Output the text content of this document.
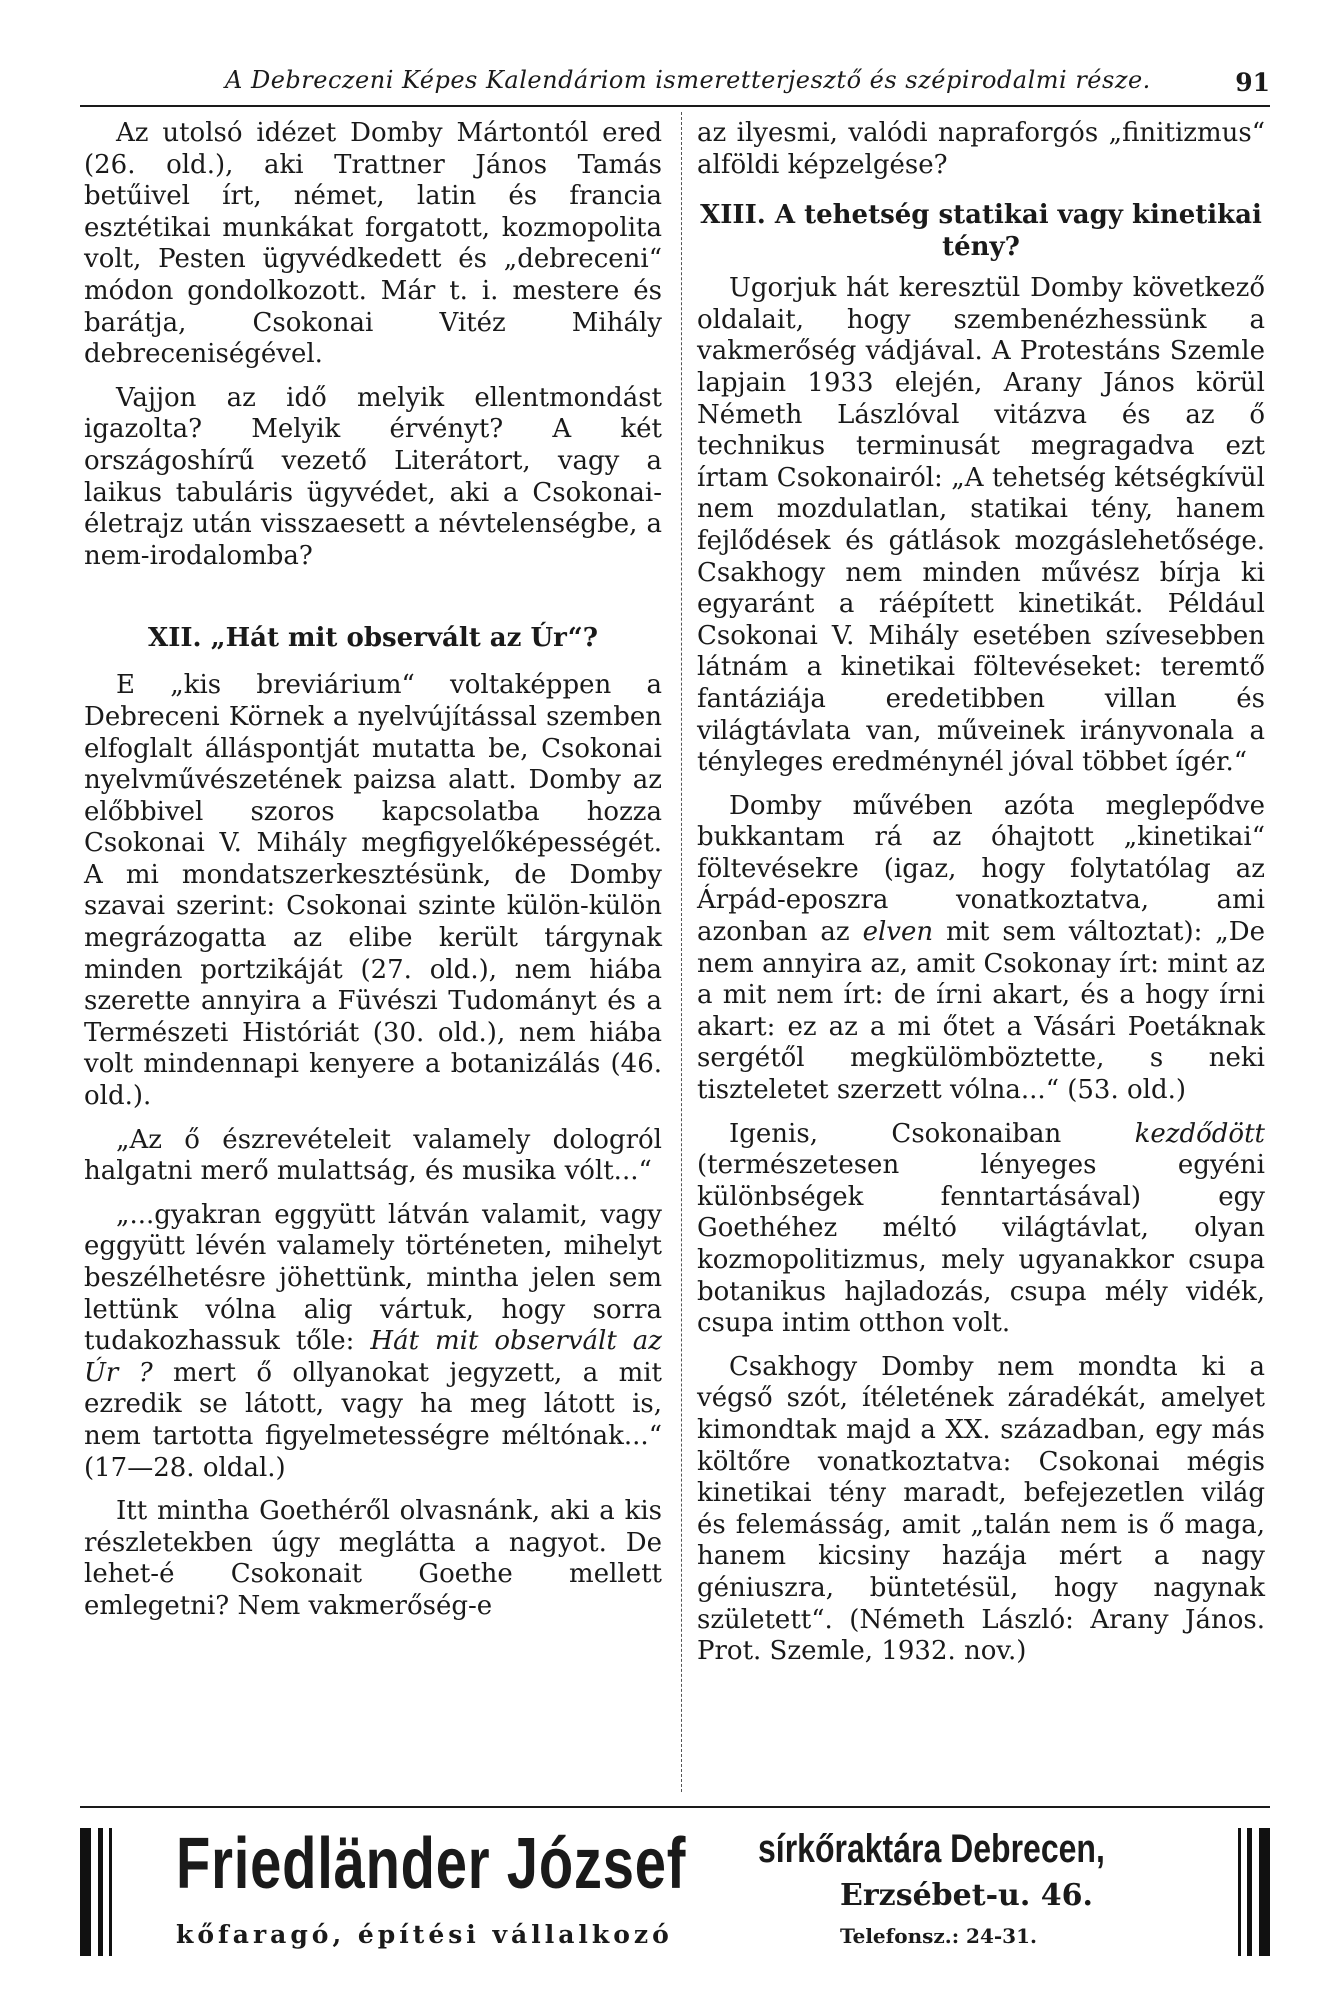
A Debreczeni Képes Kalendáriom ismeretterjesztő és szépirodalmi része.	91

Az utolsó idézet Domby Mártontól ered (26. old.), aki Trattner János Tamás betűivel írt, német, latin és francia esztétikai munkákat forgatott, kozmopolita volt, Pesten ügyvédkedett és „debreceni“ módon gondolkozott. Már t. i. mestere és barátja, Csokonai Vitéz Mihály debreceniségével.

Vajjon az idő melyik ellentmondást igazolta? Melyik érvényt? A két országoshírű vezető Literátort, vagy a laikus tabuláris ügyvédet, aki a Csokonai-életrajz után visszaesett a névtelenségbe, a nem-irodalomba?

XII. „Hát mit observált az Úr“?

E „kis breviárium“ voltaképpen a Debreceni Körnek a nyelvújítással szemben elfoglalt álláspontját mutatta be, Csokonai nyelvművészetének paizsa alatt. Domby az előbbivel szoros kapcsolatba hozza Csokonai V. Mihály megfigyelőképességét. A mi mondatszerkesztésünk, de Domby szavai szerint: Csokonai szinte külön-külön megrázogatta az elibe került tárgynak minden portzikáját (27. old.), nem hiába szerette annyira a Füvészi Tudományt és a Természeti Históriát (30. old.), nem hiába volt mindennapi kenyere a botanizálás (46. old.).

„Az ő észrevételeit valamely dologról halgatni merő mulattság, és musika vólt...“

„...gyakran eggyütt látván valamit, vagy eggyütt lévén valamely történeten, mihelyt beszélhetésre jöhettünk, mintha jelen sem lettünk vólna alig vártuk, hogy sorra tudakozhassuk tőle: Hát mit observált az Úr ? mert ő ollyanokat jegyzett, a mit ezredik se látott, vagy ha meg látott is, nem tartotta figyelmetességre méltónak...“ (17—28. oldal.)

Itt mintha Goethéről olvasnánk, aki a kis részletekben úgy meglátta a nagyot. De lehet-é Csokonait Goethe mellett emlegetni? Nem vakmerőség-e

az ilyesmi, valódi napraforgós „finitizmus“ alföldi képzelgése?

XIII. A tehetség statikai vagy kinetikai tény?

Ugorjuk hát keresztül Domby következő oldalait, hogy szembenézhessünk a vakmerőség vádjával. A Protestáns Szemle lapjain 1933 elején, Arany János körül Németh Lászlóval vitázva és az ő technikus terminusát megragadva ezt írtam Csokonairól: „A tehetség kétségkívül nem mozdulatlan, statikai tény, hanem fejlődések és gátlások mozgáslehetősége. Csakhogy nem minden művész bírja ki egyaránt a ráépített kinetikát. Például Csokonai V. Mihály esetében szívesebben látnám a kinetikai föltevéseket: teremtő fantáziája eredetibben villan és világtávlata van, műveinek irányvonala a tényleges eredménynél jóval többet ígér.“

Domby művében azóta meglepődve bukkantam rá az óhajtott „kinetikai“ föltevésekre (igaz, hogy folytatólag az Árpád-eposzra vonatkoztatva, ami azonban az elven mit sem változtat): „De nem annyira az, amit Csokonay írt: mint az a mit nem írt: de írni akart, és a hogy írni akart: ez az a mi őtet a Vásári Poetáknak sergétől megkülömböztette, s neki tiszteletet szerzett vólna...“ (53. old.)

Igenis, Csokonaiban kezdődött (természetesen lényeges egyéni különbségek fenntartásával) egy Goethéhez méltó világtávlat, olyan kozmopolitizmus, mely ugyanakkor csupa botanikus hajladozás, csupa mély vidék, csupa intim otthon volt.

Csakhogy Domby nem mondta ki a végső szót, ítéletének záradékát, amelyet kimondtak majd a XX. században, egy más költőre vonatkoztatva: Csokonai mégis kinetikai tény maradt, befejezetlen világ és felemásság, amit „talán nem is ő maga, hanem kicsiny hazája mért a nagy géniuszra, büntetésül, hogy nagynak született“. (Németh László: Arany János. Prot. Szemle, 1932. nov.)

Friedländer József
kőfaragó, építési vállalkozó
sírkőraktára Debrecen,
Erzsébet-u. 46.
Telefonsz.: 24-31.
